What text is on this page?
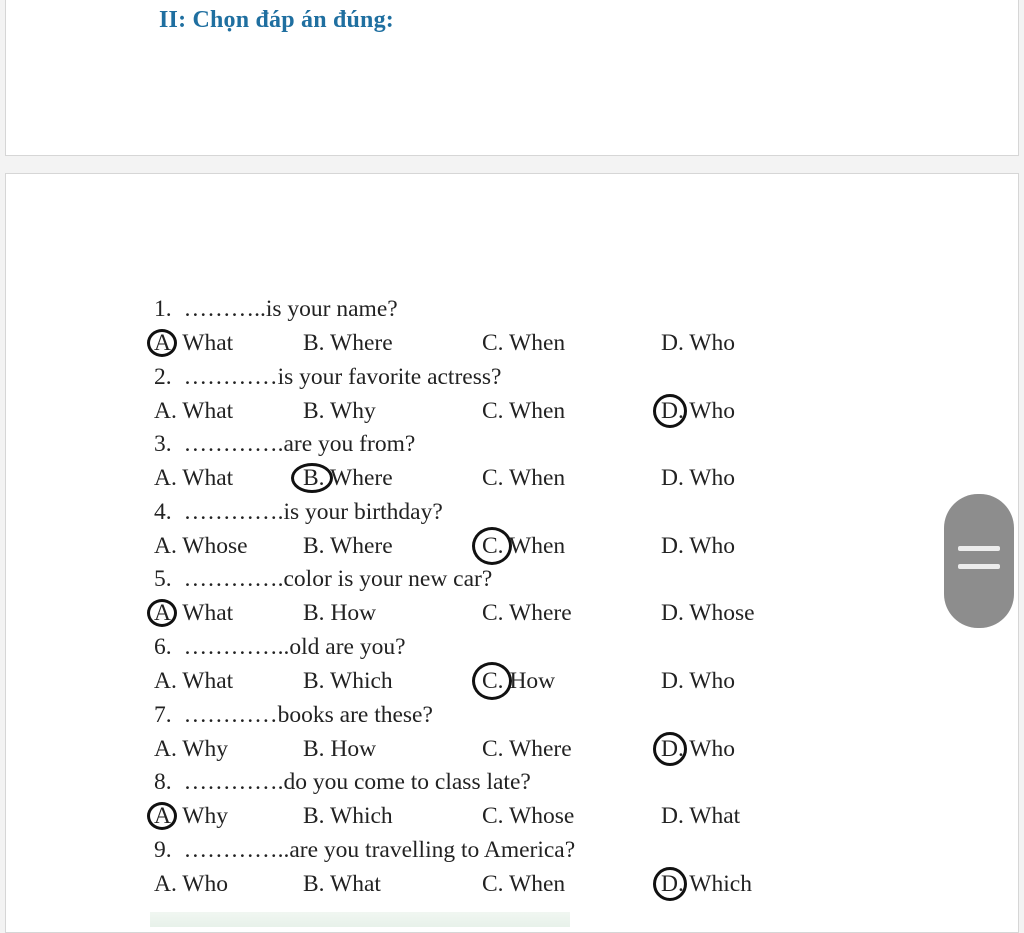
II: Chọn đáp án đúng:
1. ………..is your name?
A. What	B. Where	C. When	D. Who
2. …………is your favorite actress?
A. What	B. Why	C. When	D. Who
3. ………….are you from?
A. What	B. Where	C. When	D. Who
4. ………….is your birthday?
A. Whose B. Where	C. When	D. Who
5. ………….color is your new car?
A. What	B. How	C. Where	D. Whose
6. …………..old are you?
A. What	B. Which	C. How	D. Who
7. …………books are these?
A. Why	B. How	C. Where	D. Who
8. ………….do you come to class late?
A. Why	B. Which	C. Whose	D. What
9. …………..are you travelling to America?
A. Who	B. What	C. When	D. Which
